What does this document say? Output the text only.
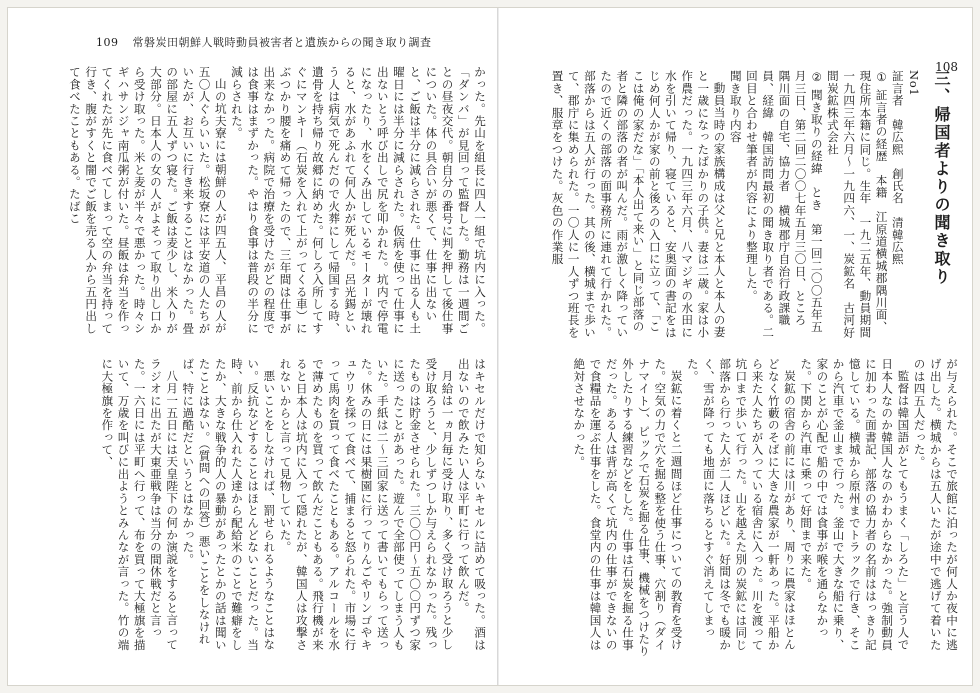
109 常磐炭田朝鮮人戦時動員被害者と遺族からの聞き取り調査

かった。先山を組長に四人一組で坑内に入った。「ダンバ」が見回って監督した。勤務は一週間ごとの昼夜交代。朝自分の番号に判を押して後仕事についた。体の具合いが悪くて、仕事に出ないと、ご飯は半分に減らされた。仕事に出る人も土曜日には半分に減らされた。仮病を使って仕事に出ないとう呼び出しで尻を叩かれた。坑内で停電になったり、水をくみ出しているモーターが壊れると、水があふれて何人かが死んだ。呂光錫という人は病気で死んだので火葬にして帰国する時、遺骨を持ち帰り故郷に納めた。何しろ入所してすぐにマンキー（石炭を入れて上がってくる車）にぶつかり腰を痛めて帰ったので、三年間は仕事が出来なかった。病院で治療を受けたがどの程度では食事はまずかった。やはり食事は普段の半分に減らされた。

山の坑夫寮には朝鮮の人が四五人、平昌の人が五〇人ぐらいいた。松坂寮には平安道の人たちがいたが、お互いに行き来することはなかった。畳の部屋に五人ずつ寝た。ご飯は麦少し、米入りが大部分。日本人の女の人がよそって取り出し口から受け取った。米と麦が半々で悪かった。時々シギハサンジャ南瓜粥が付いた。昼飯は弁当を作ってくれたが先に食べてしまって空の弁当を持って行き、腹がすくと闇でご飯を売る人から五円出して食べたこともある。たばこ

はキセルだけで知らないキセルに詰めて吸った。酒は出ないので飲みたい人は平町に行って飲んだ。

月給は一ヵ月毎に受け取り、多く受け取ろうと少し受け取ろうと、少しずつしか与えられなかった。残ったものは貯金させられた。三〇〇円～五〇〇円ずつ家に送ったことがあった。遊んで全部使ってしまう人もいた。手紙は二～三回家に送って書いてもらって送った。休みの日には果樹園に行ってりんごやリンゴやキュウリを採って食べて、捕まると怒られた。市場に行って馬肉を買って食べたこともある。アルコールを水で薄めたものを買って飲んだこともある。飛行機が来ると日本人は坑内に入って隠れたが、韓国人は攻撃されないからと言って見物していた。

悪いことをしなければ、罰せられるようなことはない。反抗などすることはほとんどないことだった。当時、前から仕入れた人達から配給米のことで難癖をしたか、大きな戦争的人の暴動があったとかの話は聞いたことはない。（質問への回答）悪いことをしなければ、特に過酷だというとはなかった。

八月一五日には天皇陛下の何か演説をすると言ってラジオに出たが大東亜戦争は当分の間休戦だと言った。一六日には平町へ行って、布を買って大極旗を描いて、万歳を叫びに出ようとみんなが言った。竹の端に大極旗を作って、

108
三、帰国者よりの聞き取り

No1

証言者　韓広熙　創氏名　清韓広熙

① 証言者の経歴　本籍　江原道横城郡隅川面、現住所本籍に同じ。生年　一九二五年、動員期間　一九四三年六月～一九四六、一、炭鉱名　古河好間炭鉱株式会社

② 聞き取りの経緯　とき　第一回二〇〇五年五月三日、第二回二〇〇七年五月三〇日、ところ　隅川面の自宅、協力者　横城郡庁自治行政課職員、経緯　韓国訪問最初の聞き取り者である。二回目と合わせ筆者が内容により整理した。

聞き取り内容

動員当時の家族構成は父と兄と本人と本人の妻と一歳になったばかりの子供。妻は二歳。家は小作農だった。一九四三年六月、八マジギの水田に水を引いて帰り、寝ていると、安奥面の書記をはじめ何人かが家の前と後ろの入口に立って、「ここは俺の家だな」「本人出て来い」と同じ部落の者と隣の部落の者が叫んだ。雨が激しく降っていたので近くの部落の面事務所に連れて行かれた。部落からは五人が行った。其の後、横城まで歩いて、郡庁に集められた。一〇人に一人ずつ班長を置き、服章をつけた。灰色の作業服

が与えられた。そこで旅館に泊ったが何人か夜中に逃げ出した。横城からは五人いたが途中で逃げて着いたのは四五人だった。

監督は韓国語がとてもうまく「しろた」と言う人で日本人なのか韓国人なのかわからなかった。強制動員に加わった面書記、部落の協力者の名前ははっきり記憶している。横城から原州までトラックで行き、そこから汽車で釜山まで行った。釜山で大きな船に乗り、家のことが心配で船の中では食事が喉を通らなかった。下関から汽車に乗って好間まで来た。

炭鉱の宿舎の前には川があり、周りに農家はほとんどなく竹藪のそばに大きな農家が一軒あった。平船から来た人たちが入っている宿舎に入った。川を渡って坑口まで歩いて行った。山を越えた別の炭鉱には同じ部落から行った人が二人ほどいた。好間は冬でも暖かく、雪が降っても地面に落ちるとすぐ消えてしまった。

炭鉱に着くと二週間ほど仕事についての教育を受けた。空気の力で穴を掘る整を使う仕事、穴割り（ダイナマイト）、ピックで石炭を掘る仕事、機械をつけたり外したりする練習などをした。仕事は石炭を掘る仕事だった。ある人は背が高くて坑内の仕事ができないので食糧品を運ぶ仕事をした。食堂内の仕事は韓国人は絶対させなかった。
